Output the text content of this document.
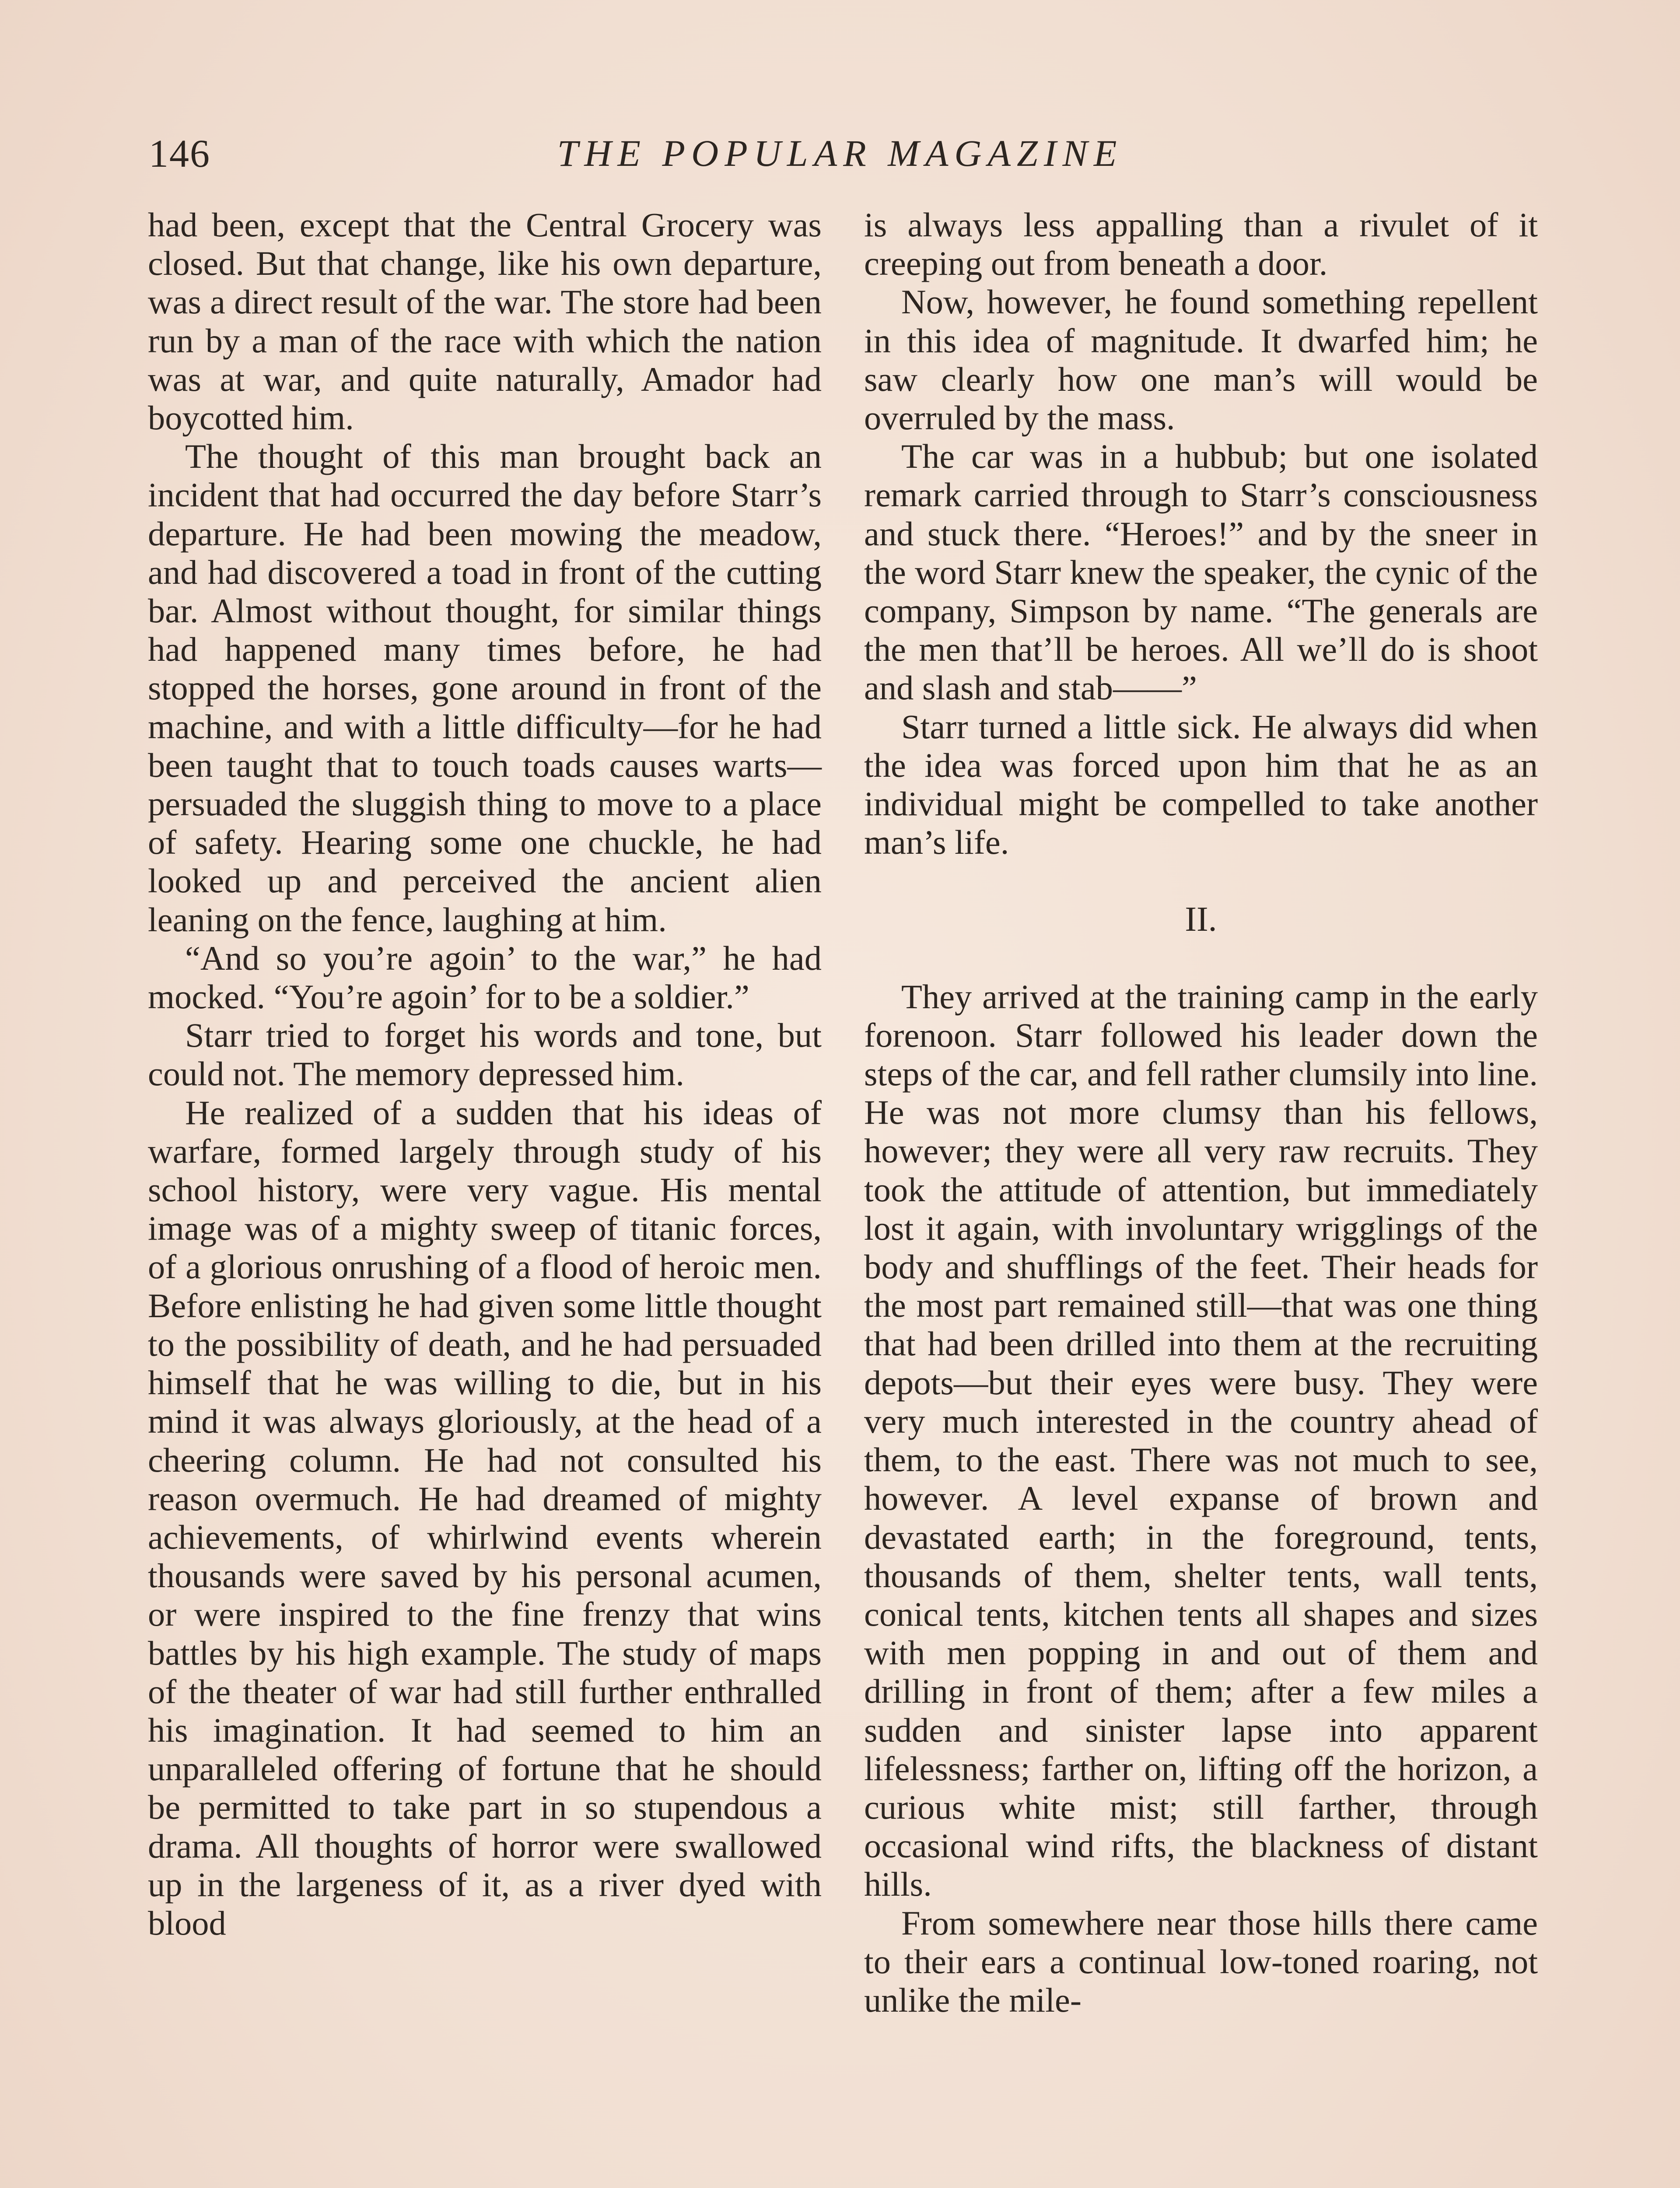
146	THE POPULAR MAGAZINE

had been, except that the Central Grocery was closed. But that change, like his own departure, was a direct result of the war. The store had been run by a man of the race with which the nation was at war, and quite naturally, Amador had boycotted him.

The thought of this man brought back an incident that had occurred the day before Starr’s departure. He had been mowing the meadow, and had discovered a toad in front of the cutting bar. Almost without thought, for similar things had happened many times before, he had stopped the horses, gone around in front of the machine, and with a little difficulty—for he had been taught that to touch toads causes warts—persuaded the sluggish thing to move to a place of safety. Hearing some one chuckle, he had looked up and perceived the ancient alien leaning on the fence, laughing at him.

“And so you’re agoin’ to the war,” he had mocked. “You’re agoin’ for to be a soldier.”

Starr tried to forget his words and tone, but could not. The memory depressed him.

He realized of a sudden that his ideas of warfare, formed largely through study of his school history, were very vague. His mental image was of a mighty sweep of titanic forces, of a glorious onrushing of a flood of heroic men. Before enlisting he had given some little thought to the possibility of death, and he had persuaded himself that he was willing to die, but in his mind it was always gloriously, at the head of a cheering column. He had not consulted his reason overmuch. He had dreamed of mighty achievements, of whirlwind events wherein thousands were saved by his personal acumen, or were inspired to the fine frenzy that wins battles by his high example. The study of maps of the theater of war had still further enthralled his imagination. It had seemed to him an unparalleled offering of fortune that he should be permitted to take part in so stupendous a drama. All thoughts of horror were swallowed up in the largeness of it, as a river dyed with blood

is always less appalling than a rivulet of it creeping out from beneath a door.

Now, however, he found something repellent in this idea of magnitude. It dwarfed him; he saw clearly how one man’s will would be overruled by the mass.

The car was in a hubbub; but one isolated remark carried through to Starr’s consciousness and stuck there. “Heroes!” and by the sneer in the word Starr knew the speaker, the cynic of the company, Simpson by name. “The generals are the men that’ll be heroes. All we’ll do is shoot and slash and stab——”

Starr turned a little sick. He always did when the idea was forced upon him that he as an individual might be compelled to take another man’s life.

II.

They arrived at the training camp in the early forenoon. Starr followed his leader down the steps of the car, and fell rather clumsily into line. He was not more clumsy than his fellows, however; they were all very raw recruits. They took the attitude of attention, but immediately lost it again, with involuntary wrigglings of the body and shufflings of the feet. Their heads for the most part remained still—that was one thing that had been drilled into them at the recruiting depots—but their eyes were busy. They were very much interested in the country ahead of them, to the east. There was not much to see, however. A level expanse of brown and devastated earth; in the foreground, tents, thousands of them, shelter tents, wall tents, conical tents, kitchen tents all shapes and sizes with men popping in and out of them and drilling in front of them; after a few miles a sudden and sinister lapse into apparent lifelessness; farther on, lifting off the horizon, a curious white mist; still farther, through occasional wind rifts, the blackness of distant hills.

From somewhere near those hills there came to their ears a continual low-toned roaring, not unlike the mile-
